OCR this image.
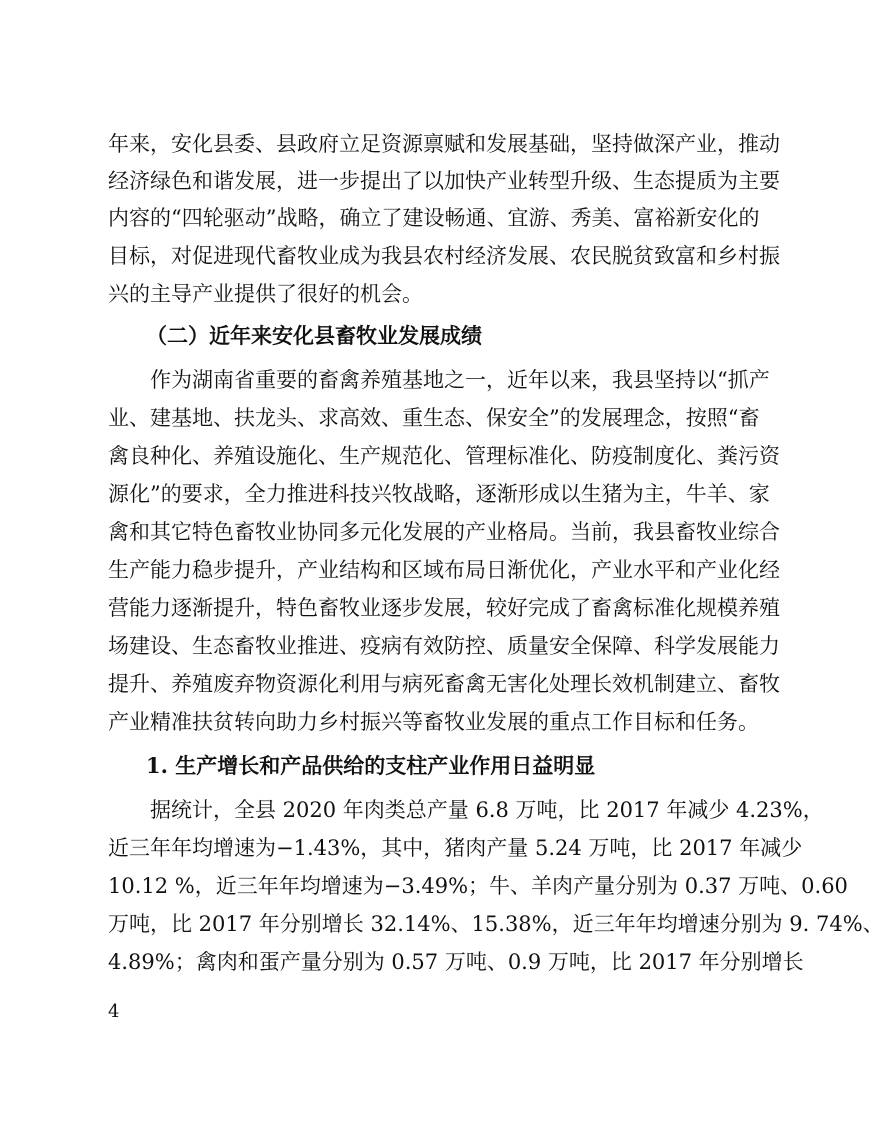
年来，安化县委、县政府立足资源禀赋和发展基础，坚持做深产业，推动
经济绿色和谐发展，进一步提出了以加快产业转型升级、生态提质为主要
内容的“四轮驱动”战略，确立了建设畅通、宜游、秀美、富裕新安化的
目标，对促进现代畜牧业成为我县农村经济发展、农民脱贫致富和乡村振
兴的主导产业提供了很好的机会。
（二）近年来安化县畜牧业发展成绩
作为湖南省重要的畜禽养殖基地之一，近年以来，我县坚持以“抓产
业、建基地、扶龙头、求高效、重生态、保安全”的发展理念，按照“畜
禽良种化、养殖设施化、生产规范化、管理标准化、防疫制度化、粪污资
源化”的要求，全力推进科技兴牧战略，逐渐形成以生猪为主，牛羊、家
禽和其它特色畜牧业协同多元化发展的产业格局。当前，我县畜牧业综合
生产能力稳步提升，产业结构和区域布局日渐优化，产业水平和产业化经
营能力逐渐提升，特色畜牧业逐步发展，较好完成了畜禽标准化规模养殖
场建设、生态畜牧业推进、疫病有效防控、质量安全保障、科学发展能力
提升、养殖废弃物资源化利用与病死畜禽无害化处理长效机制建立、畜牧
产业精准扶贫转向助力乡村振兴等畜牧业发展的重点工作目标和任务。
1. 生产增长和产品供给的支柱产业作用日益明显
据统计，全县 2020 年肉类总产量 6.8 万吨，比 2017 年减少 4.23%，
近三年年均增速为−1.43%，其中，猪肉产量 5.24 万吨，比 2017 年减少
10.12 %，近三年年均增速为−3.49%；牛、羊肉产量分别为 0.37 万吨、0.60
万吨，比 2017 年分别增长 32.14%、15.38%，近三年年均增速分别为 9. 74%、
4.89%；禽肉和蛋产量分别为 0.57 万吨、0.9 万吨，比 2017 年分别增长
4
